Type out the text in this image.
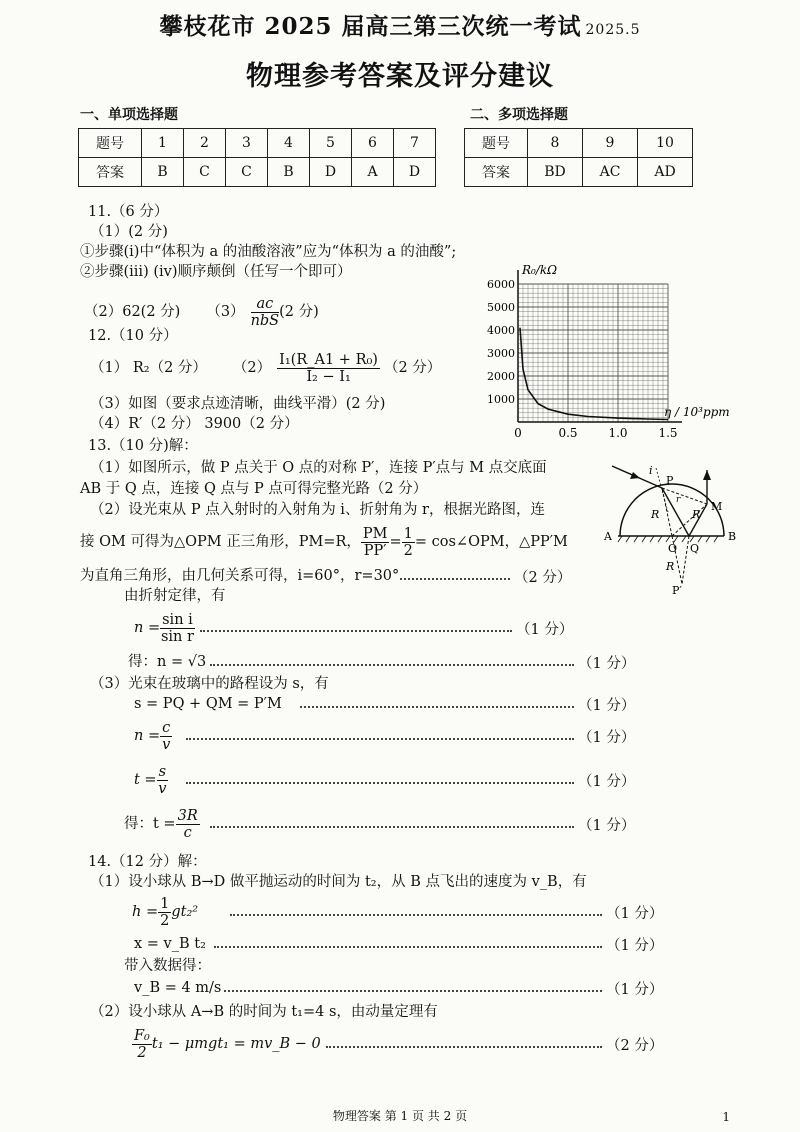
攀枝花市 2025 届高三第三次统一考试 2025.5
物理参考答案及评分建议
一、单项选择题
题号	1	2	3	4	5	6	7
答案	B	C	C	B	D	A	D
二、多项选择题
题号	8	9	10
答案	BD	AC	AD
11.（6 分）
（1）(2 分)
①步骤(i)中“体积为 a 的油酸溶液”应为“体积为 a 的油酸”;
②步骤(iii) (iv)顺序颠倒（任写一个即可）
（2）62(2 分) $(3) \frac{ac}{\text{nbS}} (2$ 分)
12.（10 分）
（1） R₂（2 分） $(2) \frac{\text{I₁(R\_A1 + R₀)}}{\text{I₂ − I₁}} (2$ 分）
（3）如图（要求点迹清晰，曲线平滑）(2 分)
（4）R′（2 分） 3900（2 分）
R₀/kΩ
η / 10³ppm
0	0.5	1.0	1.5
1000
2000
3000
4000
5000
6000
13.（10 分)解：
（1）如图所示，做 P 点关于 O 点的对称 P′，连接 P′点与 M 点交底面
AB 于 Q 点，连接 Q 点与 P 点可得完整光路（2 分）
（2）设光束从 P 点入射时的入射角为 i、折射角为 r，根据光路图，连
接 OM 可得为△OPM 正三角形，PM=R， $\frac{PM}{PP'} = \frac{1}{2}$ = cos∠OPM，△PP′M
为直角三角形，由几何关系可得，i=60°，r=30°	（2 分）
由折射定律，有
i
P
M
R	R
R
r
A
O Q
B
P′
$n = \frac{\text{sin i}}{\text{sin r}}$	（1 分）
得：n = √3	（1 分）
（3）光束在玻璃中的路程设为 s，有
s = PQ + QM = P′M	（1 分）
$n = \frac{c}{v}$	（1 分）
$t = \frac{s}{v}$	（1 分）
得：$t = \frac{3R}{c}$	（1 分）
14.（12 分）解：
（1）设小球从 B→D 做平抛运动的时间为 t₂，从 B 点飞出的速度为 v_B，有
$h = \frac{1}{2} gt_2^2$	（1 分）
x = v_B t₂	（1 分）
带入数据得：
v_B = 4 m/s	（1 分）
（2）设小球从 A→B 的时间为 t₁=4 s，由动量定理有
$\frac{\text{F₀}}{2} t_1 - \mu mgt_1$ = mv_B − 0	（2 分）
物理答案 第 1 页 共 2 页	1
